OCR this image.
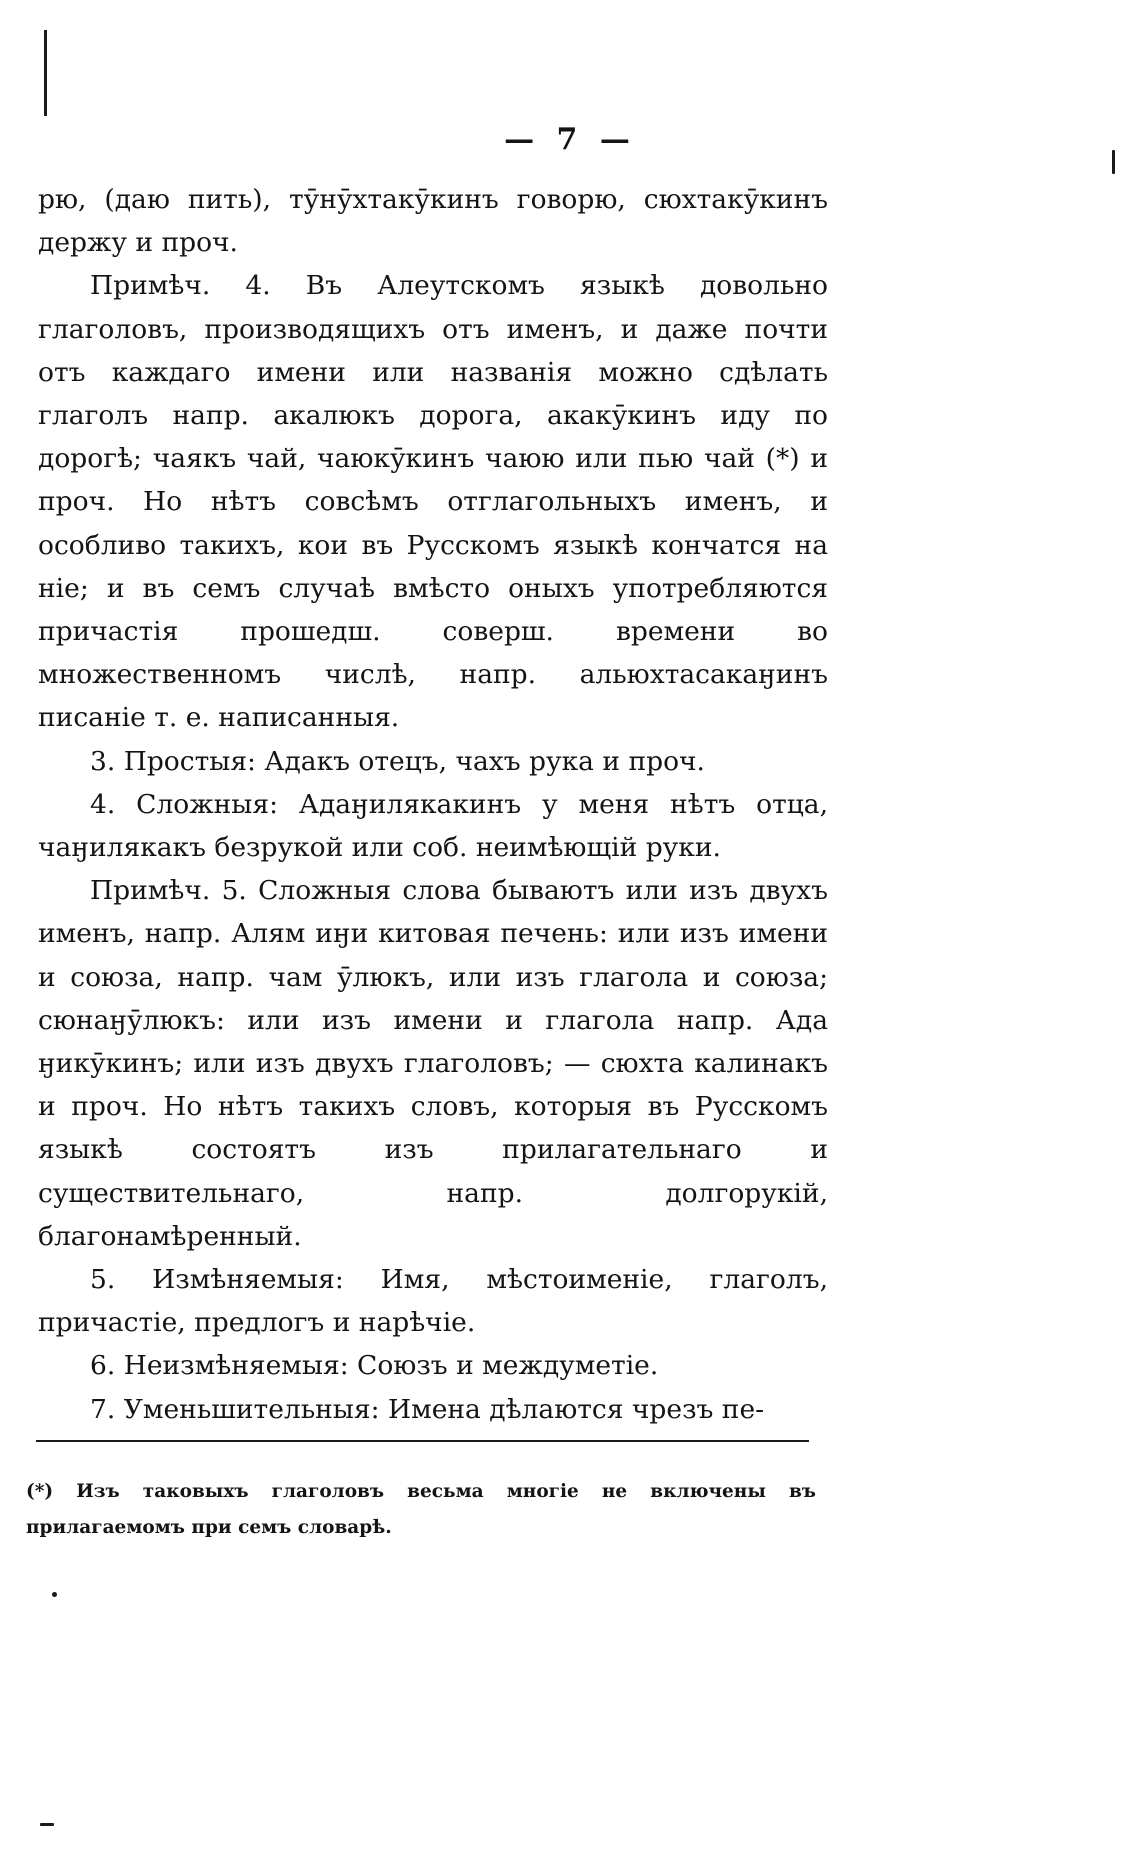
— 7 —

рю, (даю пить), тӯнӯхтакӯкинъ говорю, сюхтакӯкинъ держу и проч.

Примѣч. 4. Въ Алеутскомъ языкѣ довольно глаголовъ, производящихъ отъ именъ, и даже почти отъ каждаго имени или названія можно сдѣлать глаголъ напр. акалюкъ дорога, акакӯкинъ иду по дорогѣ; чаякъ чай, чаюкӯкинъ чаюю или пью чай (*) и проч. Но нѣтъ совсѣмъ отглагольныхъ именъ, и особливо такихъ, кои въ Русскомъ языкѣ кончатся на ніе; и въ семъ случаѣ вмѣсто оныхъ употребляются причастія прошедш. соверш. времени во множественномъ числѣ, напр. альюхтасакаӈинъ писаніе т. е. написанныя.

3. Простыя: Адакъ отецъ, чахъ рука и проч.

4. Сложныя: Адаӈилякакинъ у меня нѣтъ отца, чаӈилякакъ безрукой или соб. неимѣющій руки.

Примѣч. 5. Сложныя слова бываютъ или изъ двухъ именъ, напр. Алям иӈи китовая печень: или изъ имени и союза, напр. чам ӯлюкъ, или изъ глагола и союза; сюнаӈӯлюкъ: или изъ имени и глагола напр. Ада ӈикӯкинъ; или изъ двухъ глаголовъ; — сюхта калинакъ и проч. Но нѣтъ такихъ словъ, которыя въ Русскомъ языкѣ состоятъ изъ прилагательнаго и существительнаго, напр. долгорукій, благонамѣренный.

5. Измѣняемыя: Имя, мѣстоименіе, глаголъ, причастіе, предлогъ и нарѣчіе.

6. Неизмѣняемыя: Союзъ и междуметіе.

7. Уменьшительныя: Имена дѣлаются чрезъ пе-

(*) Изъ таковыхъ глаголовъ весьма многіе не включены въ прилагаемомъ при семъ словарѣ.
